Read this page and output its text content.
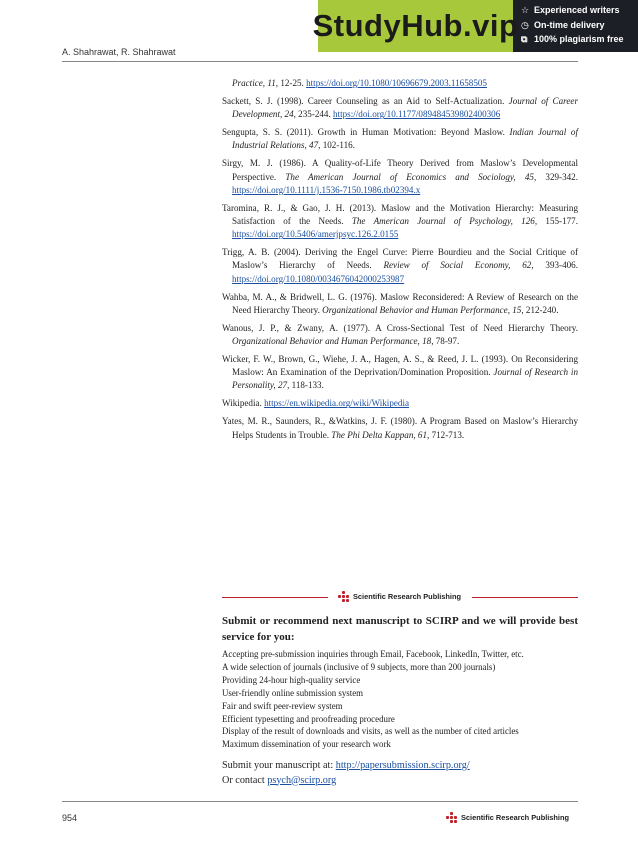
StudyHub.vip ☆ Experienced writers
◷ On-time delivery
⧉ 100% plagiarism free
A. Shahrawat, R. Shahrawat

Practice, 11, 12-25. https://doi.org/10.1080/10696679.2003.11658505

Sackett, S. J. (1998). Career Counseling as an Aid to Self-Actualization. Journal of Career Development, 24, 235-244. https://doi.org/10.1177/089484539802400306

Sengupta, S. S. (2011). Growth in Human Motivation: Beyond Maslow. Indian Journal of Industrial Relations, 47, 102-116.

Sirgy, M. J. (1986). A Quality-of-Life Theory Derived from Maslow’s Developmental Perspective. The American Journal of Economics and Sociology, 45, 329-342. https://doi.org/10.1111/j.1536-7150.1986.tb02394.x

Taromina, R. J., & Gao, J. H. (2013). Maslow and the Motivation Hierarchy: Measuring Satisfaction of the Needs. The American Journal of Psychology, 126, 155-177. https://doi.org/10.5406/amerjpsyc.126.2.0155

Trigg, A. B. (2004). Deriving the Engel Curve: Pierre Bourdieu and the Social Critique of Maslow’s Hierarchy of Needs. Review of Social Economy, 62, 393-406. https://doi.org/10.1080/0034676042000253987

Wahba, M. A., & Bridwell, L. G. (1976). Maslow Reconsidered: A Review of Research on the Need Hierarchy Theory. Organizational Behavior and Human Performance, 15, 212-240.

Wanous, J. P., & Zwany, A. (1977). A Cross-Sectional Test of Need Hierarchy Theory. Organizational Behavior and Human Performance, 18, 78-97.

Wicker, F. W., Brown, G., Wiehe, J. A., Hagen, A. S., & Reed, J. L. (1993). On Reconsidering Maslow: An Examination of the Deprivation/Domination Proposition. Journal of Research in Personality, 27, 118-133.

Wikipedia. https://en.wikipedia.org/wiki/Wikipedia

Yates, M. R., Saunders, R., &Watkins, J. F. (1980). A Program Based on Maslow’s Hierarchy Helps Students in Trouble. The Phi Delta Kappan, 61, 712-713.

Scientific Research Publishing
Submit or recommend next manuscript to SCIRP and we will provide best service for you:
Accepting pre-submission inquiries through Email, Facebook, LinkedIn, Twitter, etc.
A wide selection of journals (inclusive of 9 subjects, more than 200 journals)
Providing 24-hour high-quality service
User-friendly online submission system
Fair and swift peer-review system
Efficient typesetting and proofreading procedure
Display of the result of downloads and visits, as well as the number of cited articles
Maximum dissemination of your research work
Submit your manuscript at: http://papersubmission.scirp.org/
Or contact psych@scirp.org
954	Scientific Research Publishing
